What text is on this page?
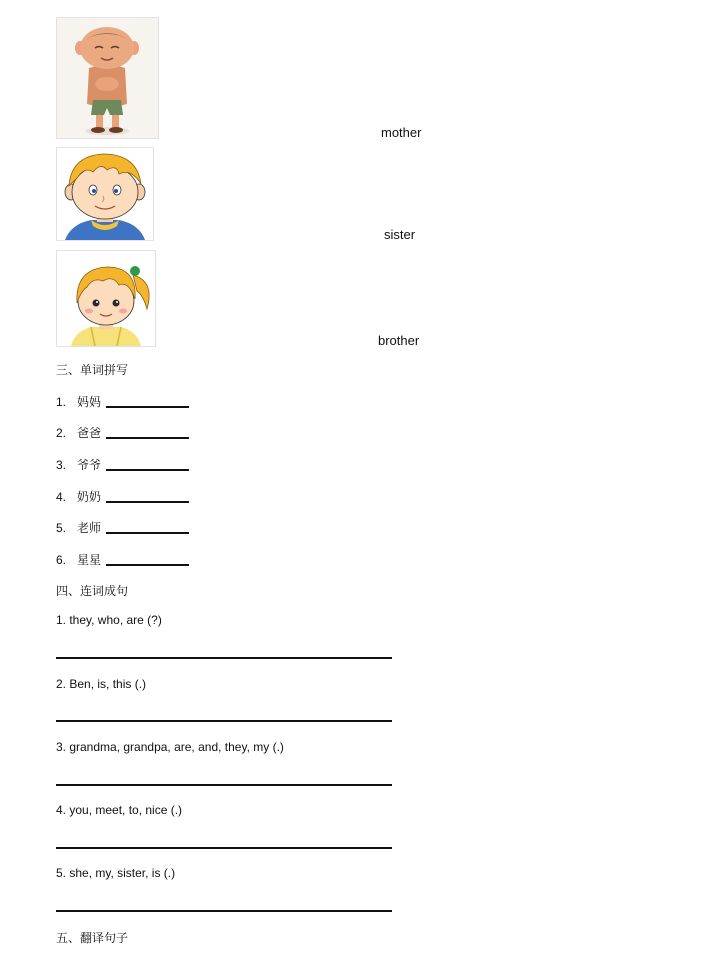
mother
sister
brother
三、单词拼写
1. 妈妈
2. 爸爸
3. 爷爷
4. 奶奶
5. 老师
6. 星星
四、连词成句
1. they, who, are (?)
2. Ben, is, this (.)
3. grandma, grandpa, are, and, they, my (.)
4. you, meet, to, nice (.)
5. she, my, sister, is (.)
五、翻译句子
